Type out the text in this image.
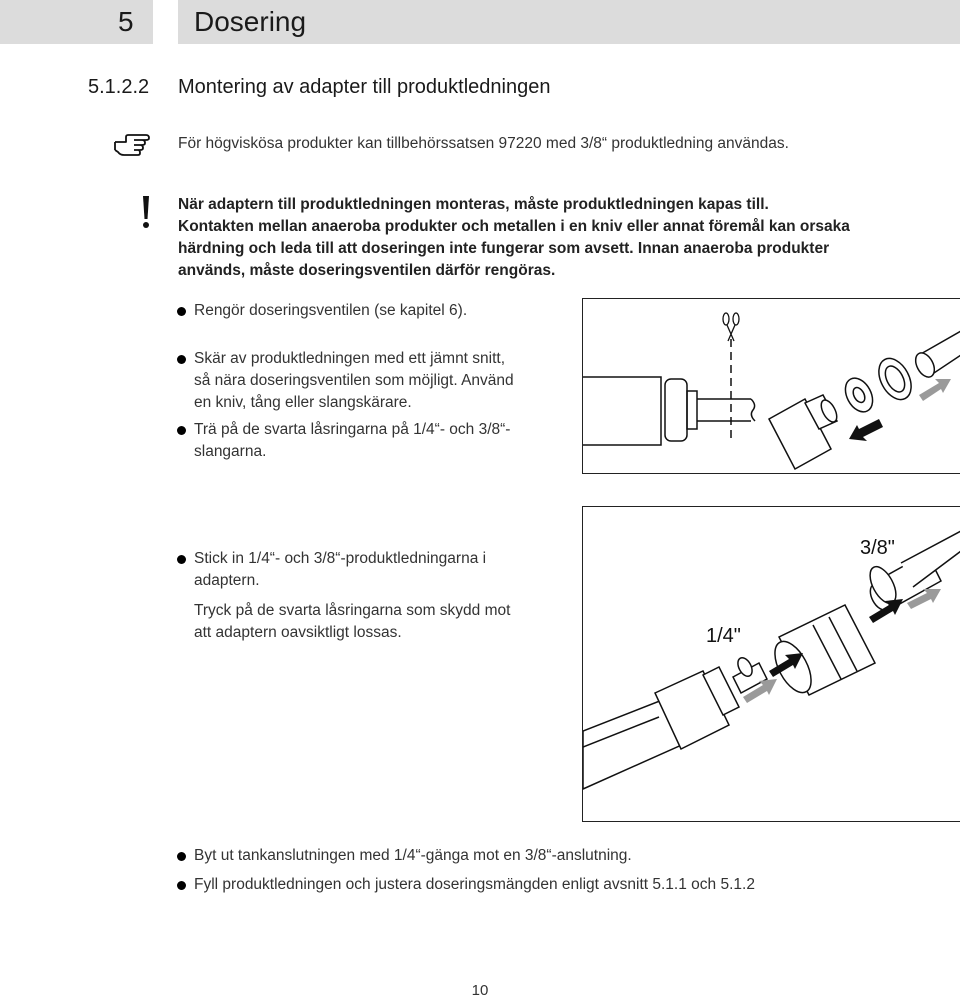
5 Dosering
5.1.2.2 Montering av adapter till produktledningen
För högviskösa produkter kan tillbehörssatsen 97220 med 3/8“ produktledning användas.
När adaptern till produktledningen monteras, måste produktledningen kapas till.
Kontakten mellan anaeroba produkter och metallen i en kniv eller annat föremål kan orsaka
härdning och leda till att doseringen inte fungerar som avsett. Innan anaeroba produkter
används, måste doseringsventilen därför rengöras.
Rengör doseringsventilen (se kapitel 6).
Skär av produktledningen med ett jämnt snitt,
så nära doseringsventilen som möjligt. Använd
en kniv, tång eller slangskärare.
Trä på de svarta låsringarna på 1/4“- och 3/8“-
slangarna.
Stick in 1/4“- och 3/8“-produktledningarna i
adaptern.
Tryck på de svarta låsringarna som skydd mot
att adaptern oavsiktligt lossas.
3/8"
1/4"
Byt ut tankanslutningen med 1/4“-gänga mot en 3/8“-anslutning.
Fyll produktledningen och justera doseringsmängden enligt avsnitt 5.1.1 och 5.1.2
10
